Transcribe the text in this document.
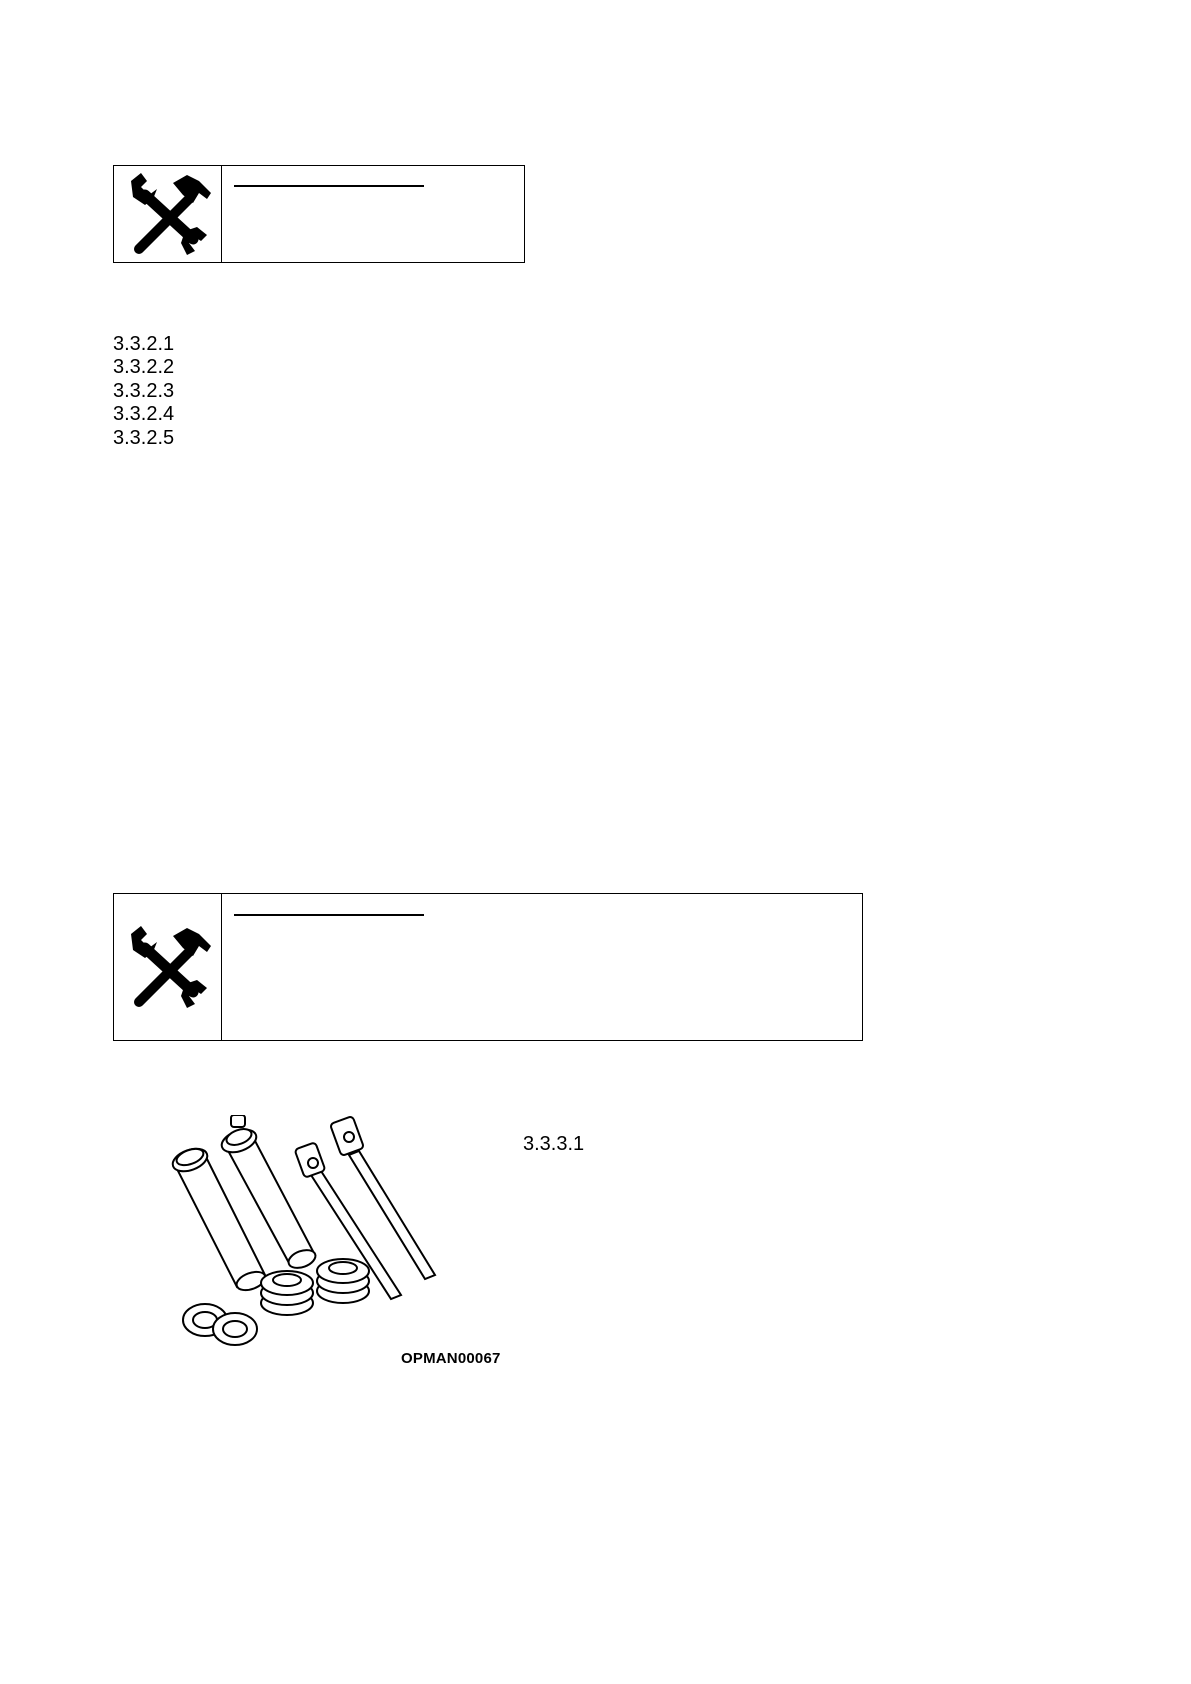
3.3.2.1
3.3.2.2
3.3.2.3
3.3.2.4
3.3.2.5
OPMAN00067
3.3.3.1
